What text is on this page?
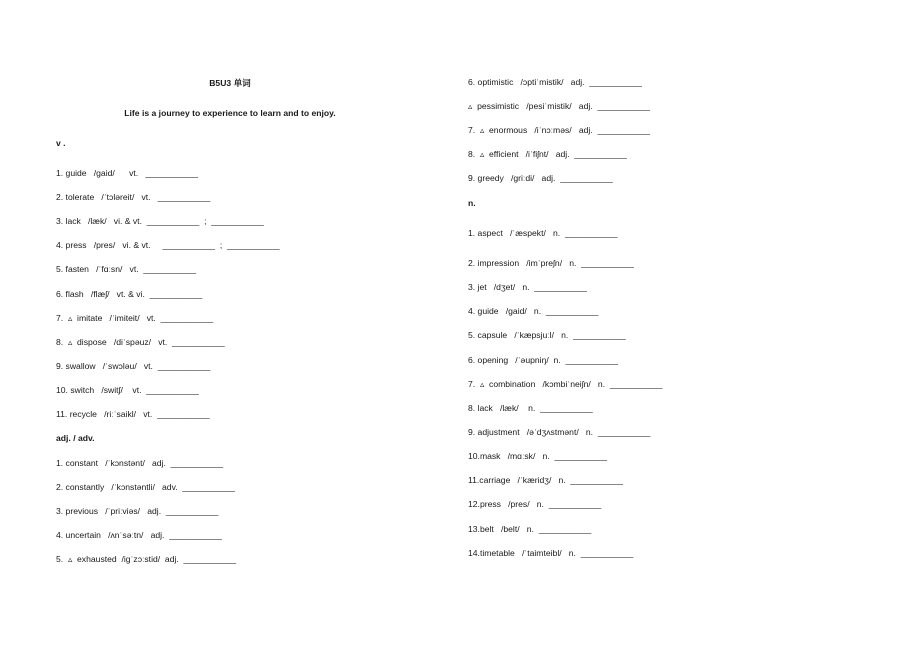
B5U3 单词
Life is a journey to experience to learn and to enjoy.
v .
1. guide   /gaid/      vt.   ___________
2. tolerate   /ˈtɔləreit/   vt.   ___________
3. lack   /læk/   vi. & vt.  ___________  ;  ___________
4. press   /pres/   vi. & vt.     ___________  ;  ___________
5. fasten   /ˈfɑːsn/   vt.  ___________
6. flash   /flæʃ/   vt. & vi.  ___________
7.  ▵  imitate   /ˈimiteit/   vt.  ___________
8.  ▵  dispose   /diˈspəuz/   vt.  ___________
9. swallow   /ˈswɔləu/   vt.  ___________
10. switch   /switʃ/    vt.  ___________
11. recycle   /riːˈsaikl/   vt.  ___________
adj. / adv.
1. constant   /ˈkɔnstənt/   adj.  ___________
2. constantly   /ˈkɔnstəntli/   adv.  ___________
3. previous   /ˈpriːviəs/   adj.  ___________
4. uncertain   /ʌnˈsəːtn/   adj.  ___________
5.  ▵  exhausted  /igˈzɔːstid/  adj.  ___________
6. optimistic   /ɔptiˈmistik/   adj.  ___________
▵  pessimistic   /pesiˈmistik/   adj.  ___________
7.  ▵  enormous   /iˈnɔːməs/   adj.  ___________
8.  ▵  efficient   /iˈfiʃnt/   adj.  ___________
9. greedy   /griːdi/   adj.  ___________
n.
1. aspect   /ˈæspekt/   n.  ___________
2. impression   /imˈpreʃn/   n.  ___________
3. jet   /dʒet/   n.  ___________
4. guide   /gaid/   n.  ___________
5. capsule   /ˈkæpsjuːl/   n.  ___________
6. opening   /ˈəupniŋ/  n.  ___________
7.  ▵  combination   /kɔmbiˈneiʃn/   n.  ___________
8. lack   /læk/    n.  ___________
9. adjustment   /əˈdʒʌstmənt/   n.  ___________
10.mask   /mɑːsk/   n.  ___________
11.carriage   /ˈkæridʒ/   n.  ___________
12.press   /pres/   n.  ___________
13.belt   /belt/   n.  ___________
14.timetable   /ˈtaimteibl/   n.  ___________
